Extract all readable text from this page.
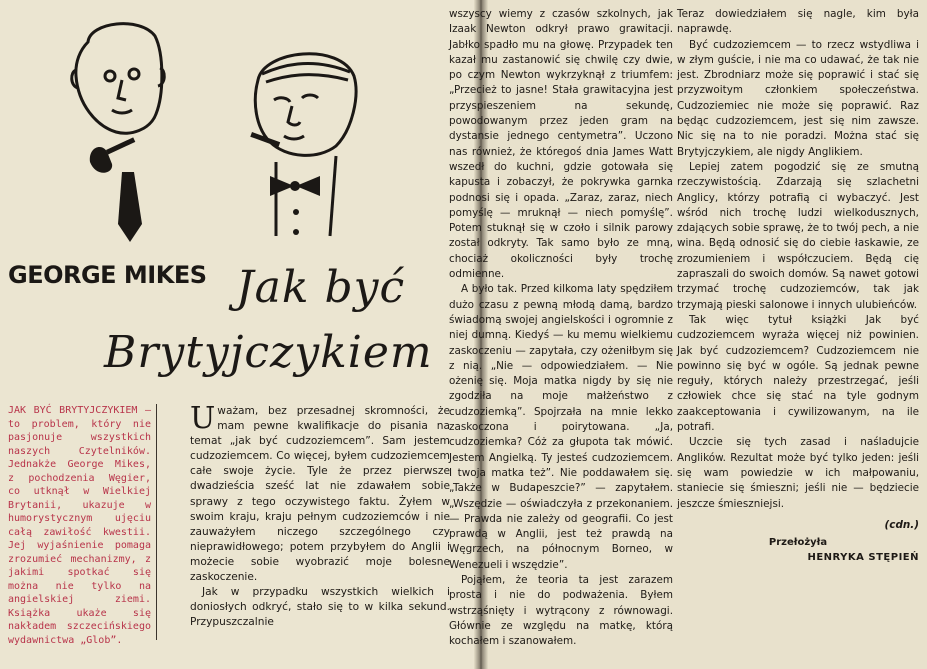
GEORGE MIKES Jak być
Brytyjczykiem

JAK BYĆ BRYTYJCZYKIEM — to problem, który nie pasjonuje wszystkich naszych Czytelników. Jednakże George Mikes, z pochodzenia Węgier, co utknął w Wielkiej Brytanii, ukazuje w humorystycznym ujęciu całą zawiłość kwestii. Jej wyjaśnienie pomaga zrozumieć mechanizmy, z jakimi spotkać się można nie tylko na angielskiej ziemi. Książka ukaże się nakładem szczecińskiego wydawnictwa „Glob”.

Uważam, bez przesadnej skromności, że mam pewne kwalifikacje do pisania na temat „jak być cudzoziemcem”. Sam jestem cudzoziemcem. Co więcej, byłem cudzoziemcem całe swoje życie. Tyle że przez pierwsze dwadzieścia sześć lat nie zdawałem sobie sprawy z tego oczywistego faktu. Żyłem w swoim kraju, kraju pełnym cudzoziemców i nie zauważyłem niczego szczególnego czy nieprawidłowego; potem przybyłem do Anglii i możecie sobie wyobrazić moje bolesne zaskoczenie.

Jak w przypadku wszystkich wielkich i doniosłych odkryć, stało się to w kilka sekund. Przypuszczalnie

wszyscy wiemy z czasów szkolnych, jak Izaak Newton odkrył prawo grawitacji. Jabłko spadło mu na głowę. Przypadek ten kazał mu zastanowić się chwilę czy dwie, po czym Newton wykrzyknął z triumfem: „Przecież to jasne! Stała grawitacyjna jest przyspieszeniem na sekundę, powodowanym przez jeden gram na dystansie jednego centymetra”. Uczono nas również, że któregoś dnia James Watt wszedł do kuchni, gdzie gotowała się kapusta i zobaczył, że pokrywka garnka podnosi się i opada. „Zaraz, zaraz, niech pomyślę — mruknął — niech pomyślę”. Potem stuknął się w czoło i silnik parowy został odkryty. Tak samo było ze mną, chociaż okoliczności były trochę odmienne.

A było tak. Przed kilkoma laty spędziłem dużo czasu z pewną młodą damą, bardzo świadomą swojej angielskości i ogromnie z niej dumną. Kiedyś — ku memu wielkiemu zaskoczeniu — zapytała, czy ożeniłbym się z nią. „Nie — odpowiedziałem. — Nie ożenię się. Moja matka nigdy by się nie zgodziła na moje małżeństwo z cudzoziemką”. Spojrzała na mnie lekko zaskoczona i poirytowana. „Ja, cudzoziemka? Cóż za głupota tak mówić. Jestem Angielką. Ty jesteś cudzoziemcem. I twoja matka też”. Nie poddawałem się. „Także w Budapeszcie?” — zapytałem. „Wszędzie — oświadczyła z przekonaniem. — Prawda nie zależy od geografii. Co jest prawdą w Anglii, jest też prawdą na Węgrzech, na północnym Borneo, w Wenezueli i wszędzie”.

Pojąłem, że teoria ta jest zarazem prosta i nie do podważenia. Byłem wstrząśnięty i wytrącony z równowagi. Głównie ze względu na matkę, którą kochałem i szanowałem.

Teraz dowiedziałem się nagle, kim była naprawdę.

Być cudzoziemcem — to rzecz wstydliwa i w złym guście, i nie ma co udawać, że tak nie jest. Zbrodniarz może się poprawić i stać się przyzwoitym członkiem społeczeństwa. Cudzoziemiec nie może się poprawić. Raz będąc cudzoziemcem, jest się nim zawsze. Nic się na to nie poradzi. Można stać się Brytyjczykiem, ale nigdy Anglikiem.

Lepiej zatem pogodzić się ze smutną rzeczywistością. Zdarzają się szlachetni Anglicy, którzy potrafią ci wybaczyć. Jest wśród nich trochę ludzi wielkodusznych, zdających sobie sprawę, że to twój pech, a nie wina. Będą odnosić się do ciebie łaskawie, ze zrozumieniem i współczuciem. Będą cię zapraszali do swoich domów. Są nawet gotowi trzymać trochę cudzoziemców, tak jak trzymają pieski salonowe i innych ulubieńców.

Tak więc tytuł książki Jak być cudzoziemcem wyraża więcej niż powinien. Jak być cudzoziemcem? Cudzoziemcem nie powinno się być w ogóle. Są jednak pewne reguły, których należy przestrzegać, jeśli człowiek chce się stać na tyle godnym zaakceptowania i cywilizowanym, na ile potrafi.

Uczcie się tych zasad i naśladujcie Anglików. Rezultat może być tylko jeden: jeśli się wam powiedzie w ich małpowaniu, staniecie się śmieszni; jeśli nie — będziecie jeszcze śmieszniejsi.

(cdn.)

Przełożyła

HENRYKA STĘPIEŃ
